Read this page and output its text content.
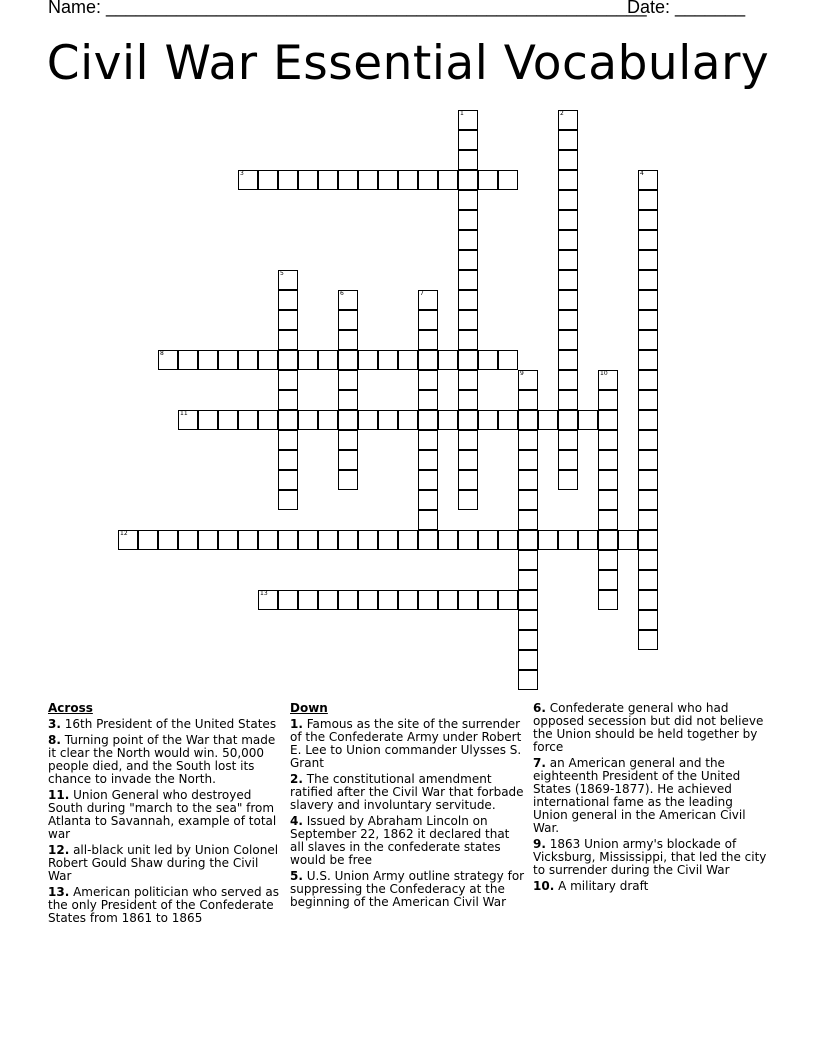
Name: ______________________________________________________
Date: _______
Civil War Essential Vocabulary
1	2
3	4
5
6	7
8
9	10
11
12
13
Across
3. 16th President of the United States
8. Turning point of the War that made it clear the North would win. 50,000 people died, and the South lost its chance to invade the North.
11. Union General who destroyed South during "march to the sea" from Atlanta to Savannah, example of total war
12. all-black unit led by Union Colonel Robert Gould Shaw during the Civil War
13. American politician who served as the only President of the Confederate States from 1861 to 1865
Down
1. Famous as the site of the surrender of the Confederate Army under Robert E. Lee to Union commander Ulysses S. Grant
2. The constitutional amendment ratified after the Civil War that forbade slavery and involuntary servitude.
4. Issued by Abraham Lincoln on September 22, 1862 it declared that all slaves in the confederate states would be free
5. U.S. Union Army outline strategy for suppressing the Confederacy at the beginning of the American Civil War
6. Confederate general who had opposed secession but did not believe the Union should be held together by force
7. an American general and the eighteenth President of the United States (1869-1877). He achieved international fame as the leading Union general in the American Civil War.
9. 1863 Union army's blockade of Vicksburg, Mississippi, that led the city to surrender during the Civil War
10. A military draft
